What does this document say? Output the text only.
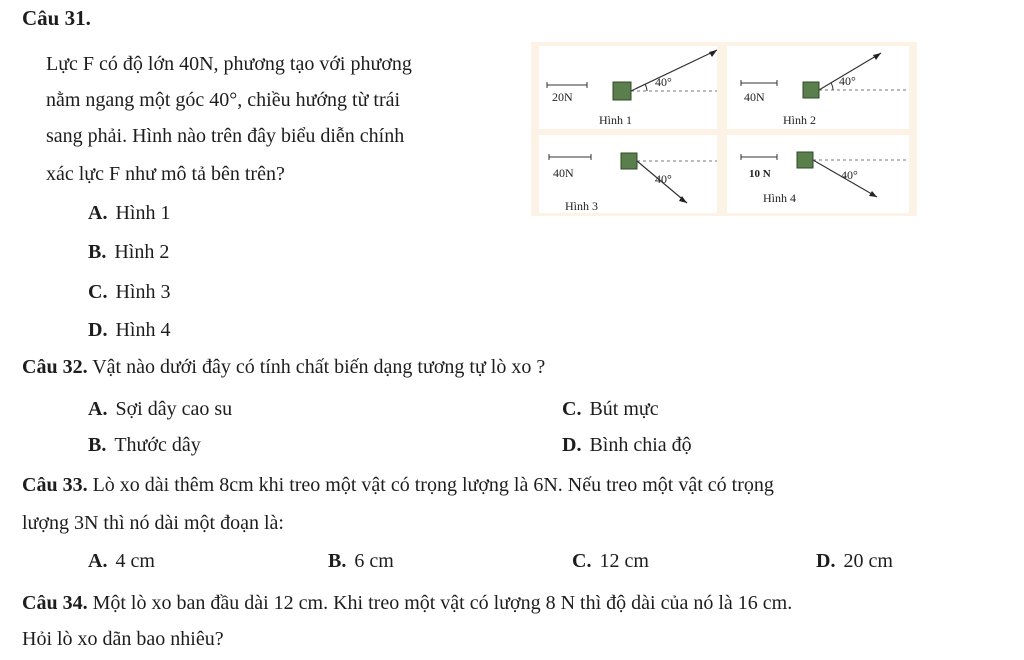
Câu 31.
Lực F có độ lớn 40N, phương tạo với phương
nằm ngang một góc 40°, chiều hướng từ trái
sang phải. Hình nào trên đây biểu diễn chính
xác lực F như mô tả bên trên?
A. Hình 1
B. Hình 2
C. Hình 3
D. Hình 4
20N
40°
Hình 1
40N
40°
Hình 2
40N	40°
Hình 3
10 N	40°
Hình 4
Câu 32. Vật nào dưới đây có tính chất biến dạng tương tự lò xo ?
A. Sợi dây cao su	C. Bút mực
B. Thước dây	D. Bình chia độ
Câu 33. Lò xo dài thêm 8cm khi treo một vật có trọng lượng là 6N. Nếu treo một vật có trọng
lượng 3N thì nó dài một đoạn là:
A. 4 cm	B. 6 cm	C. 12 cm	D. 20 cm
Câu 34. Một lò xo ban đầu dài 12 cm. Khi treo một vật có lượng 8 N thì độ dài của nó là 16 cm.
Hỏi lò xo dãn bao nhiêu?
